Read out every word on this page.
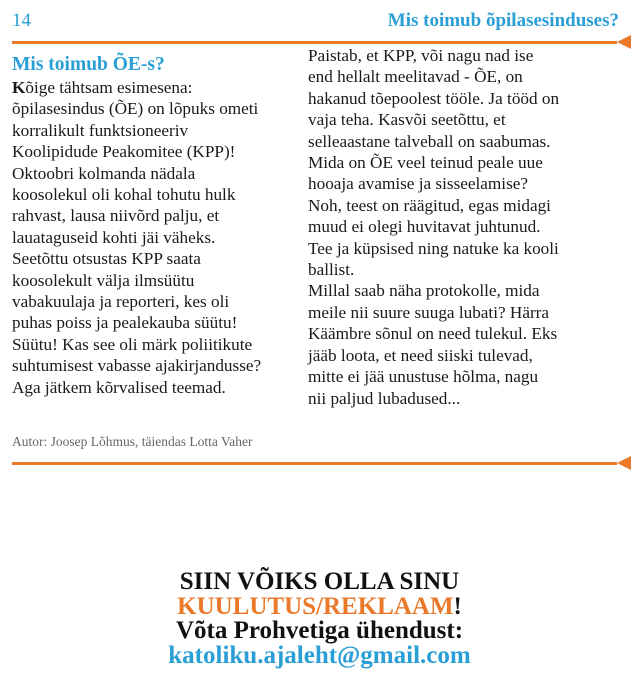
14	Mis toimub õpilasesinduses?
Mis toimub ÕE-s?

Kõige tähtsam esimesena:

õpilasesindus (ÕE) on lõpuks ometi

korralikult funktsioneeriv

Koolipidude Peakomitee (KPP)!

Oktoobri kolmanda nädala

koosolekul oli kohal tohutu hulk

rahvast, lausa niivõrd palju, et

lauataguseid kohti jäi väheks.

Seetõttu otsustas KPP saata

koosolekult välja ilmsüütu

vabakuulaja ja reporteri, kes oli

puhas poiss ja pealekauba süütu!

Süütu! Kas see oli märk poliitikute

suhtumisest vabasse ajakirjandusse?

Aga jätkem kõrvalised teemad.

Paistab, et KPP, või nagu nad ise

end hellalt meelitavad - ÕE, on

hakanud tõepoolest tööle. Ja tööd on

vaja teha. Kasvõi seetõttu, et

selleaastane talveball on saabumas.

Mida on ÕE veel teinud peale uue

hooaja avamise ja sisseelamise?

Noh, teest on räägitud, egas midagi

muud ei olegi huvitavat juhtunud.

Tee ja küpsised ning natuke ka kooli

ballist.

Millal saab näha protokolle, mida

meile nii suure suuga lubati? Härra

Käämbre sõnul on need tulekul. Eks

jääb loota, et need siiski tulevad,

mitte ei jää unustuse hõlma, nagu

nii paljud lubadused...

Autor: Joosep Lõhmus, täiendas Lotta Vaher
SIIN VÕIKS OLLA SINU
KUULUTUS/REKLAAM!
Võta Prohvetiga ühendust:
katoliku.ajaleht@gmail.com
